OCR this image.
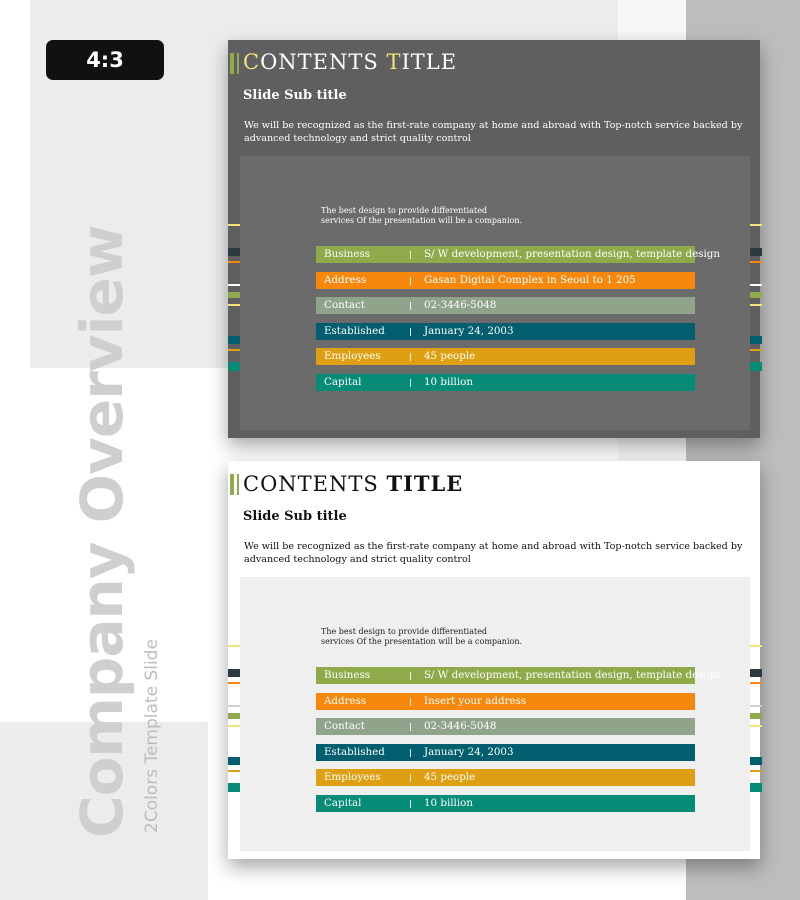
4:3
Company Overview 2Colors Template Slide
CONTENTS TITLE
Slide Sub title
We will be recognized as the first-rate company at home and abroad with Top-notch service backed by advanced technology and strict quality control
The best design to provide differentiated
services Of the presentation will be a companion.
Business	S/ W development, presentation design, template design
Address	Gasan Digital Complex in Seoul to 1 205
Contact	02-3446-5048
Established	January 24, 2003
Employees	45 people
Capital	10 billion
CONTENTS TITLE
Slide Sub title
We will be recognized as the first-rate company at home and abroad with Top-notch service backed by advanced technology and strict quality control
The best design to provide differentiated
services Of the presentation will be a companion.
Business	S/ W development, presentation design, template design
Address	Insert your address
Contact	02-3446-5048
Established	January 24, 2003
Employees	45 people
Capital	10 billion
